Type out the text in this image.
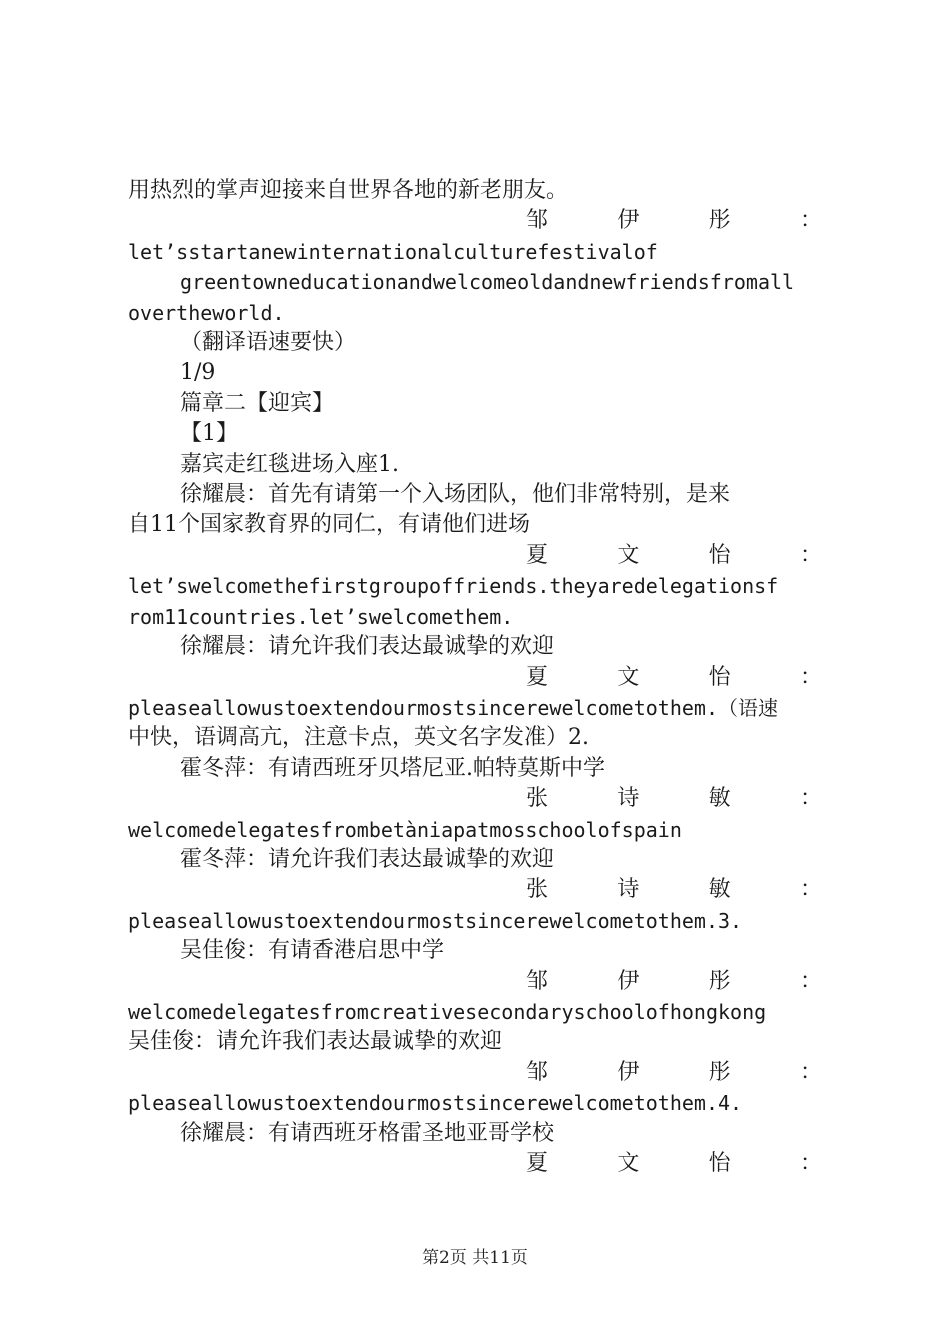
用热烈的掌声迎接来自世界各地的新老朋友。
邹	伊	彤	：
let’sstartanewinternationalculturefestivalof
greentowneducationandwelcomeoldandnewfriendsfromall
overtheworld.
（翻译语速要快）
1/9
篇章二【迎宾】
【1】
嘉宾走红毯进场入座1.
徐耀晨：首先有请第一个入场团队，他们非常特别，是来
自11个国家教育界的同仁，有请他们进场
夏	文	怡	：
let’swelcomethefirstgroupoffriends.theyaredelegationsf
rom11countries.let’swelcomethem.
徐耀晨：请允许我们表达最诚挚的欢迎
夏	文	怡	：
pleaseallowustoextendourmostsincerewelcometothem.（语速
中快，语调高亢，注意卡点，英文名字发准）2.
霍冬萍：有请西班牙贝塔尼亚.帕特莫斯中学
张	诗	敏	：
welcomedelegatesfrombetàniapatmosschoolofspain
霍冬萍：请允许我们表达最诚挚的欢迎
张	诗	敏	：
pleaseallowustoextendourmostsincerewelcometothem.3.
吴佳俊：有请香港启思中学
邹	伊	彤	：
welcomedelegatesfromcreativesecondaryschoolofhongkong
吴佳俊：请允许我们表达最诚挚的欢迎
邹	伊	彤	：
pleaseallowustoextendourmostsincerewelcometothem.4.
徐耀晨：有请西班牙格雷圣地亚哥学校
夏	文	怡	：
第2页 共11页
